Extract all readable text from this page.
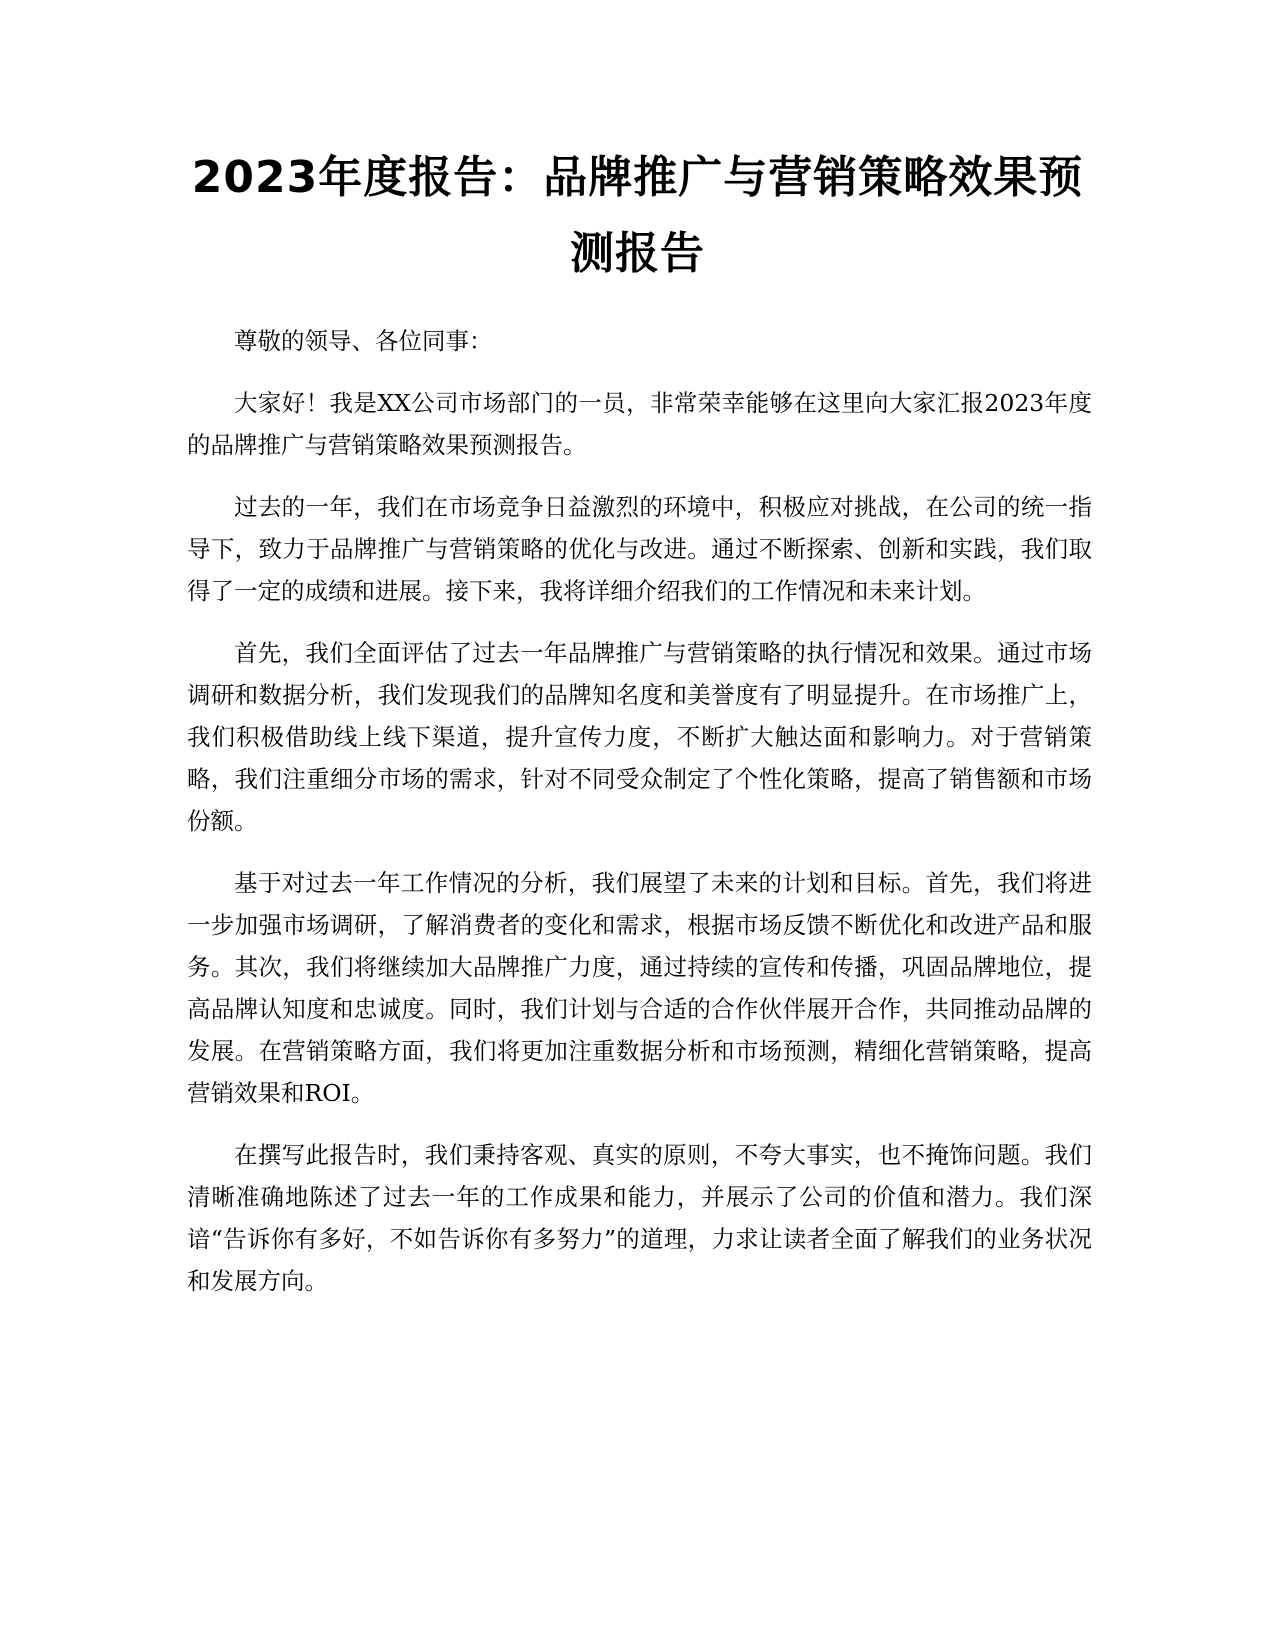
2023年度报告：品牌推广与营销策略效果预测报告

尊敬的领导、各位同事：

大家好！我是XX公司市场部门的一员，非常荣幸能够在这里向大家汇报2023年度的品牌推广与营销策略效果预测报告。

过去的一年，我们在市场竞争日益激烈的环境中，积极应对挑战，在公司的统一指导下，致力于品牌推广与营销策略的优化与改进。通过不断探索、创新和实践，我们取得了一定的成绩和进展。接下来，我将详细介绍我们的工作情况和未来计划。

首先，我们全面评估了过去一年品牌推广与营销策略的执行情况和效果。通过市场调研和数据分析，我们发现我们的品牌知名度和美誉度有了明显提升。在市场推广上，我们积极借助线上线下渠道，提升宣传力度，不断扩大触达面和影响力。对于营销策略，我们注重细分市场的需求，针对不同受众制定了个性化策略，提高了销售额和市场份额。

基于对过去一年工作情况的分析，我们展望了未来的计划和目标。首先，我们将进一步加强市场调研，了解消费者的变化和需求，根据市场反馈不断优化和改进产品和服务。其次，我们将继续加大品牌推广力度，通过持续的宣传和传播，巩固品牌地位，提高品牌认知度和忠诚度。同时，我们计划与合适的合作伙伴展开合作，共同推动品牌的发展。在营销策略方面，我们将更加注重数据分析和市场预测，精细化营销策略，提高营销效果和ROI。

在撰写此报告时，我们秉持客观、真实的原则，不夸大事实，也不掩饰问题。我们清晰准确地陈述了过去一年的工作成果和能力，并展示了公司的价值和潜力。我们深谙“告诉你有多好，不如告诉你有多努力”的道理，力求让读者全面了解我们的业务状况和发展方向。
